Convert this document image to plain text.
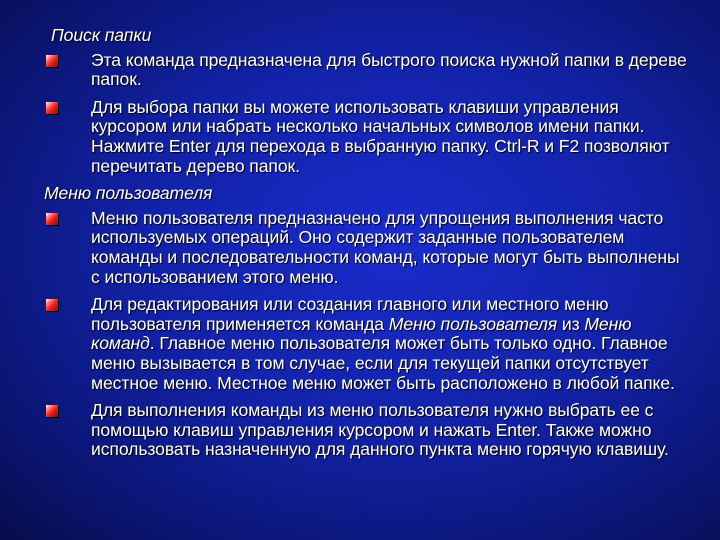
Поиск папки
Эта команда предназначена для быстрого поиска нужной папки в дереве папок.
Для выбора папки вы можете использовать клавиши управления курсором или набрать несколько начальных символов имени папки. Нажмите Enter для перехода в выбранную папку. Ctrl-R и F2 позволяют перечитать дерево папок.
Меню пользователя
Меню пользователя предназначено для упрощения выполнения часто используемых операций. Оно содержит заданные пользователем команды и последовательности команд, которые могут быть выполнены с использованием этого меню.
Для редактирования или создания главного или местного меню пользователя применяется команда Меню пользователя из Меню команд. Главное меню пользователя может быть только одно. Главное меню вызывается в том случае, если для текущей папки отсутствует местное меню. Местное меню может быть расположено в любой папке.
Для выполнения команды из меню пользователя нужно выбрать ее с помощью клавиш управления курсором и нажать Enter. Также можно использовать назначенную для данного пункта меню горячую клавишу.
